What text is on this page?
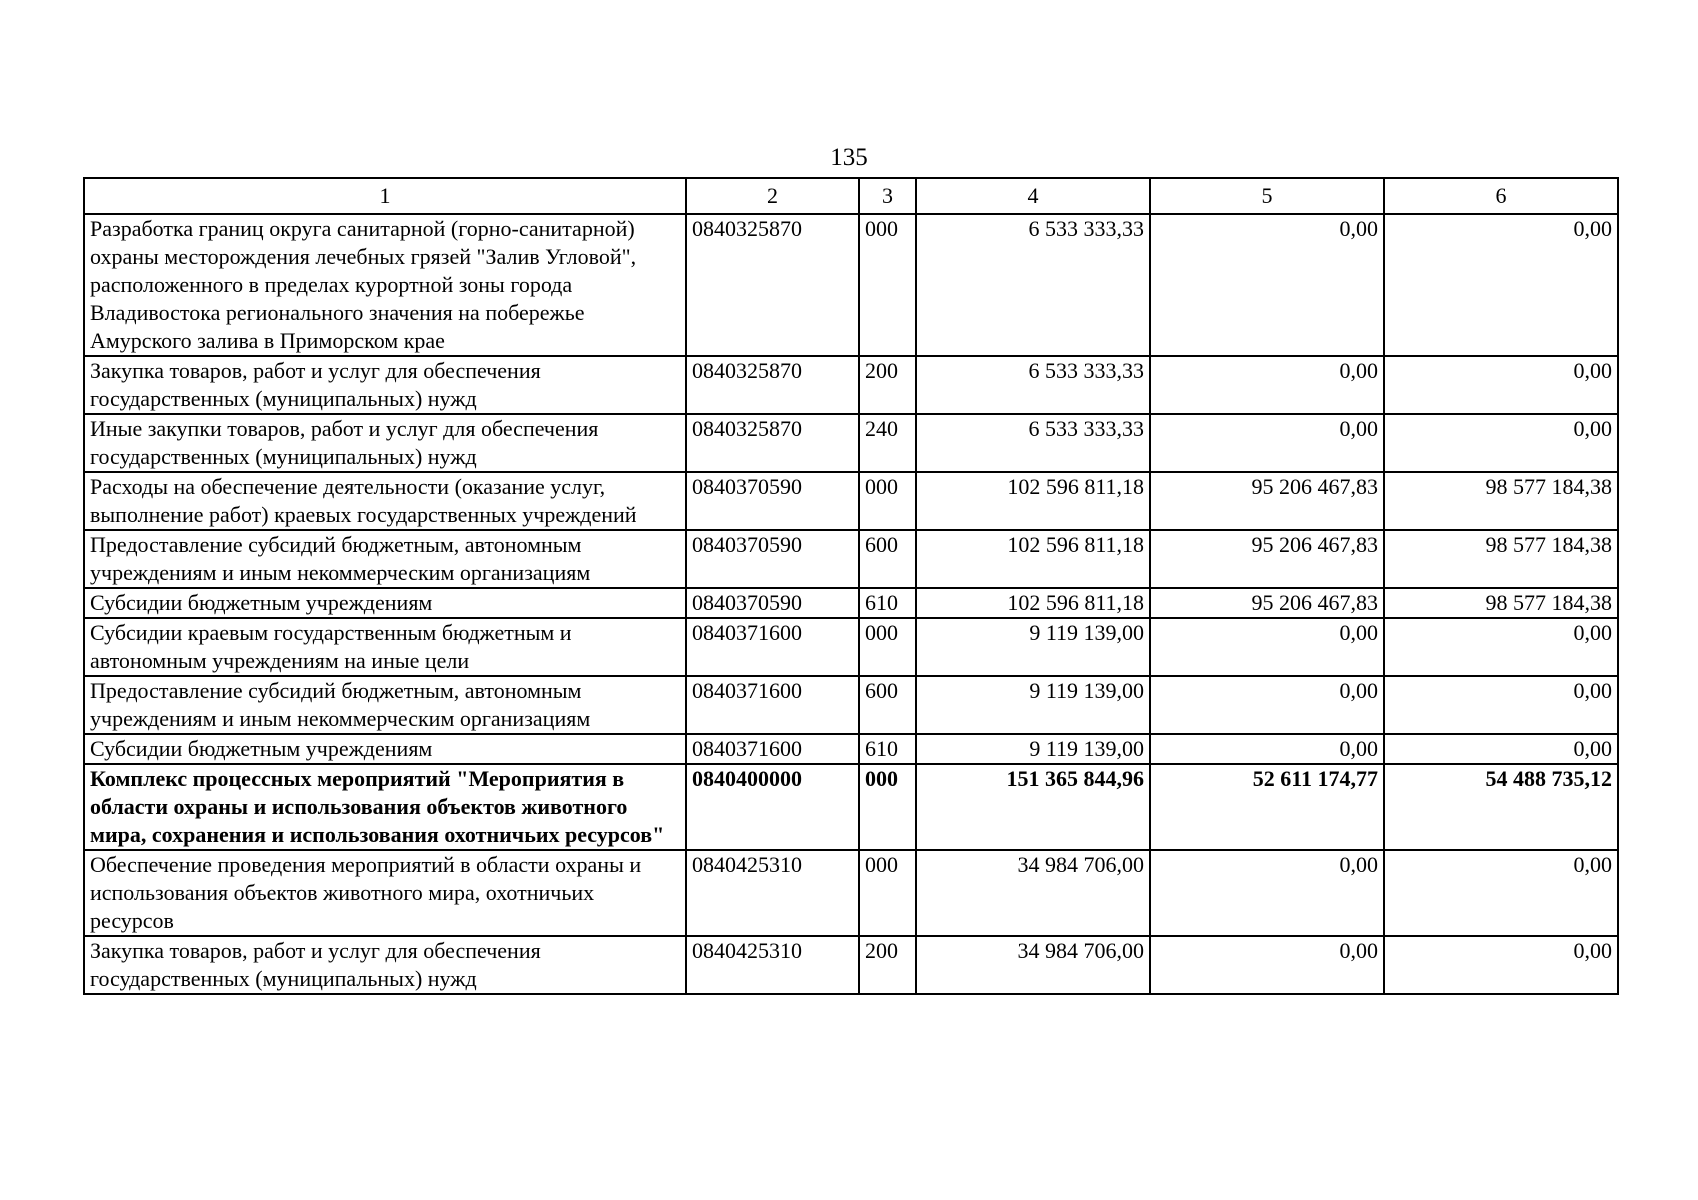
135
1	2	3	4	5	6
Разработка границ округа санитарной (горно-санитарной) охраны месторождения лечебных грязей "Залив Угловой", расположенного в пределах курортной зоны города Владивостока регионального значения на побережье Амурского залива в Приморском крае	0840325870	000	6 533 333,33	0,00	0,00
Закупка товаров, работ и услуг для обеспечения государственных (муниципальных) нужд	0840325870	200	6 533 333,33	0,00	0,00
Иные закупки товаров, работ и услуг для обеспечения государственных (муниципальных) нужд	0840325870	240	6 533 333,33	0,00	0,00
Расходы на обеспечение деятельности (оказание услуг, выполнение работ) краевых государственных учреждений	0840370590	000	102 596 811,18	95 206 467,83	98 577 184,38
Предоставление субсидий бюджетным, автономным учреждениям и иным некоммерческим организациям	0840370590	600	102 596 811,18	95 206 467,83	98 577 184,38
Субсидии бюджетным учреждениям	0840370590	610	102 596 811,18	95 206 467,83	98 577 184,38
Субсидии краевым государственным бюджетным и автономным учреждениям на иные цели	0840371600	000	9 119 139,00	0,00	0,00
Предоставление субсидий бюджетным, автономным учреждениям и иным некоммерческим организациям	0840371600	600	9 119 139,00	0,00	0,00
Субсидии бюджетным учреждениям	0840371600	610	9 119 139,00	0,00	0,00
Комплекс процессных мероприятий "Мероприятия в области охраны и использования объектов животного мира, сохранения и использования охотничьих ресурсов"	0840400000	000	151 365 844,96	52 611 174,77	54 488 735,12
Обеспечение проведения мероприятий в области охраны и использования объектов животного мира, охотничьих ресурсов	0840425310	000	34 984 706,00	0,00	0,00
Закупка товаров, работ и услуг для обеспечения государственных (муниципальных) нужд	0840425310	200	34 984 706,00	0,00	0,00
